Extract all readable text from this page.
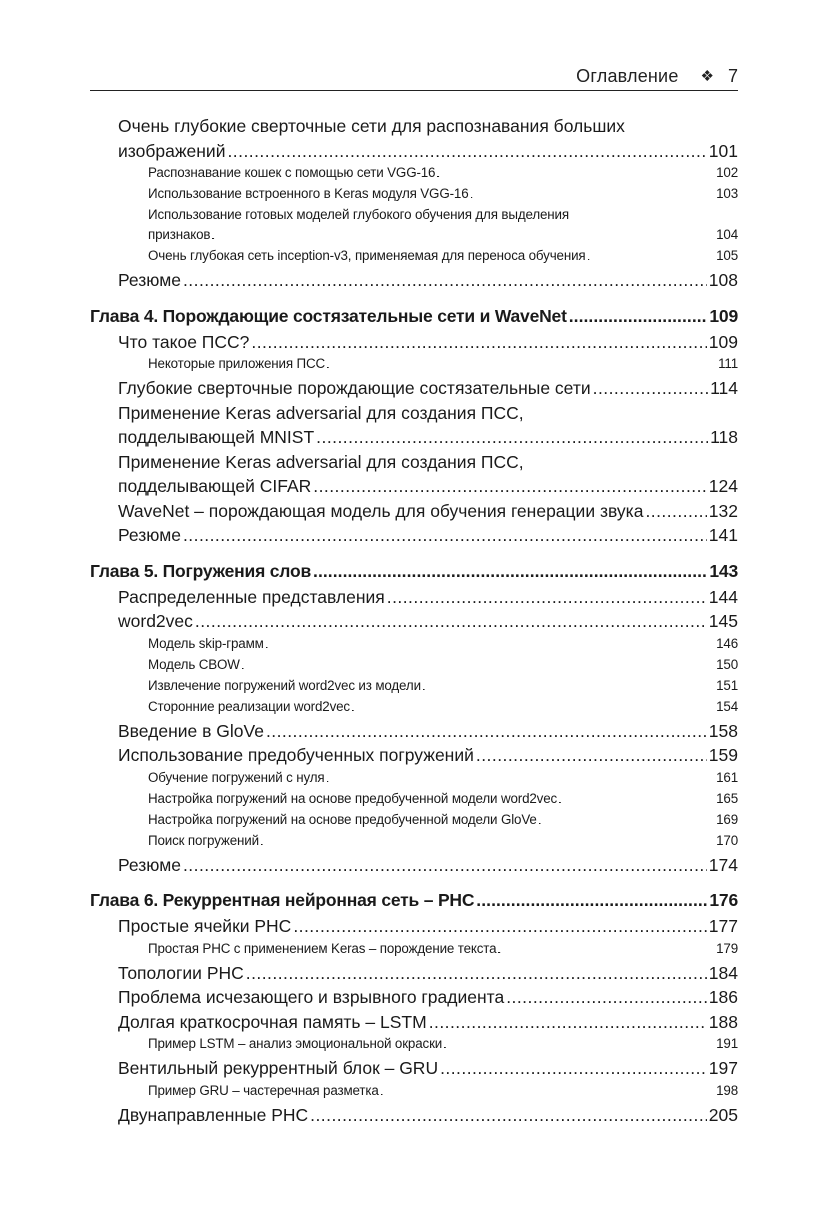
Оглавление ❖ 7
Очень глубокие сверточные сети для распознавания больших
изображений . . .	101
Распознавание кошек с помощью сети VGG-16 . . .	102
Использование встроенного в Keras модуля VGG-16 . . .	103
Использование готовых моделей глубокого обучения для выделения
признаков . . .	104
Очень глубокая сеть inception-v3, применяемая для переноса обучения . . .	105
Резюме . . .	108
Глава 4. Порождающие состязательные сети и WaveNet . . .	109
Что такое ПСС? . . .	109
Некоторые приложения ПСС . . .	111
Глубокие сверточные порождающие состязательные сети . . .	114
Применение Keras adversarial для создания ПСС,
подделывающей MNIST . . .	118
Применение Keras adversarial для создания ПСС,
подделывающей CIFAR . . .	124
WaveNet – порождающая модель для обучения генерации звука . . .	132
Резюме . . .	141
Глава 5. Погружения слов . . .	143
Распределенные представления . . .	144
word2vec . . .	145
Модель skip-грамм . . .	146
Модель CBOW . . .	150
Извлечение погружений word2vec из модели . . .	151
Сторонние реализации word2vec . . .	154
Введение в GloVe . . .	158
Использование предобученных погружений . . .	159
Обучение погружений с нуля . . .	161
Настройка погружений на основе предобученной модели word2vec . . .	165
Настройка погружений на основе предобученной модели GloVe . . .	169
Поиск погружений . . .	170
Резюме . . .	174
Глава 6. Рекуррентная нейронная сеть – РНС . . .	176
Простые ячейки РНС . . .	177
Простая РНС с применением Keras – порождение текста . . .	179
Топологии РНС . . .	184
Проблема исчезающего и взрывного градиента . . .	186
Долгая краткосрочная память – LSTM . . .	188
Пример LSTM – анализ эмоциональной окраски . . .	191
Вентильный рекуррентный блок – GRU . . .	197
Пример GRU – частеречная разметка . . .	198
Двунаправленные РНС . . .	205
